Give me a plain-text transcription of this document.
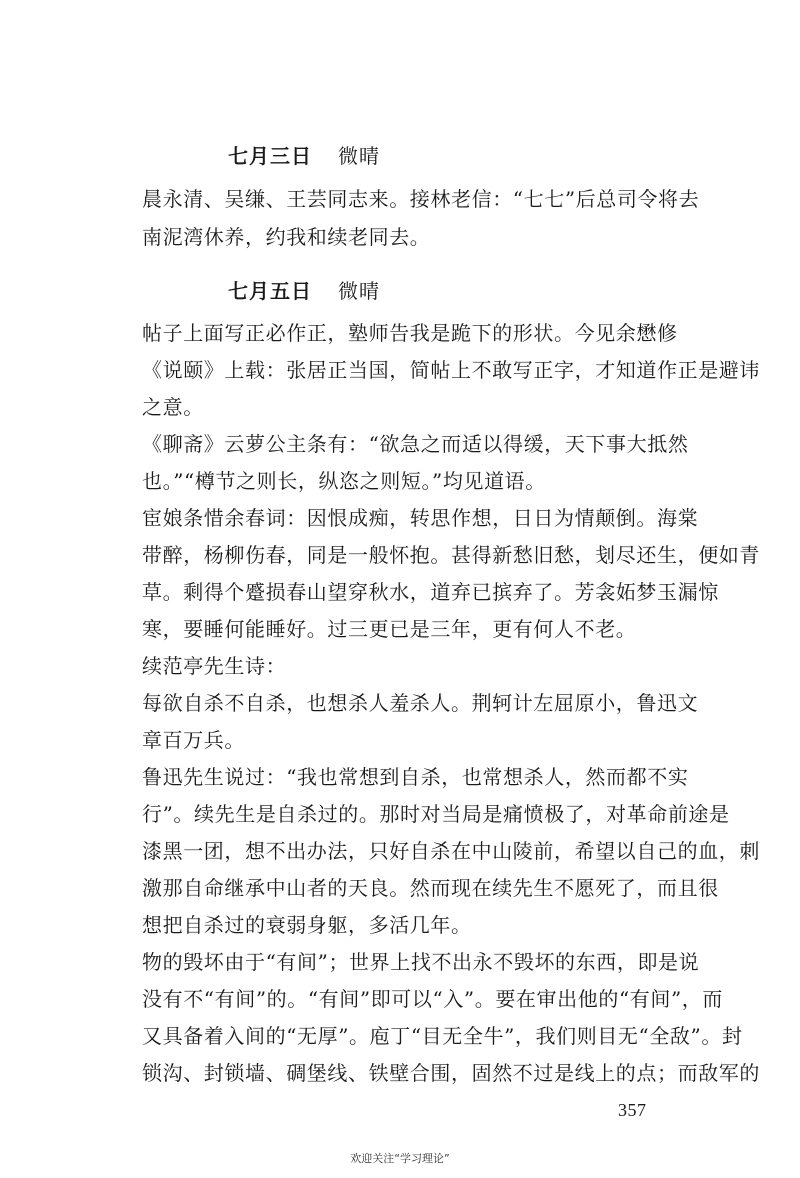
七月三日 微晴
晨永清、吴缣、王芸同志来。接林老信：“七七”后总司令将去
南泥湾休养，约我和续老同去。
七月五日 微晴
帖子上面写正必作正，塾师告我是跪下的形状。今见余懋修
《说颐》上载：张居正当国，简帖上不敢写正字，才知道作正是避讳
之意。
《聊斋》云萝公主条有：“欲急之而适以得缓，天下事大抵然
也。”“樽节之则长，纵恣之则短。”均见道语。
宦娘条惜余春词：因恨成痴，转思作想，日日为情颠倒。海棠
带醉，杨柳伤春，同是一般怀抱。甚得新愁旧愁，刬尽还生，便如青
草。剩得个蹙损春山望穿秋水，道弃已摈弃了。芳衾妬梦玉漏惊
寒，要睡何能睡好。过三更已是三年，更有何人不老。
续范亭先生诗：
每欲自杀不自杀，也想杀人羞杀人。荆轲计左屈原小，鲁迅文
章百万兵。
鲁迅先生说过：“我也常想到自杀，也常想杀人，然而都不实
行”。续先生是自杀过的。那时对当局是痛愤极了，对革命前途是
漆黑一团，想不出办法，只好自杀在中山陵前，希望以自己的血，刺
激那自命继承中山者的天良。然而现在续先生不愿死了，而且很
想把自杀过的衰弱身躯，多活几年。
物的毁坏由于“有间”；世界上找不出永不毁坏的东西，即是说
没有不“有间”的。“有间”即可以“入”。要在审出他的“有间”，而
又具备着入间的“无厚”。庖丁“目无全牛”，我们则目无“全敌”。封
锁沟、封锁墙、碉堡线、铁壁合围，固然不过是线上的点；而敌军的
357
欢迎关注“学习理论”
